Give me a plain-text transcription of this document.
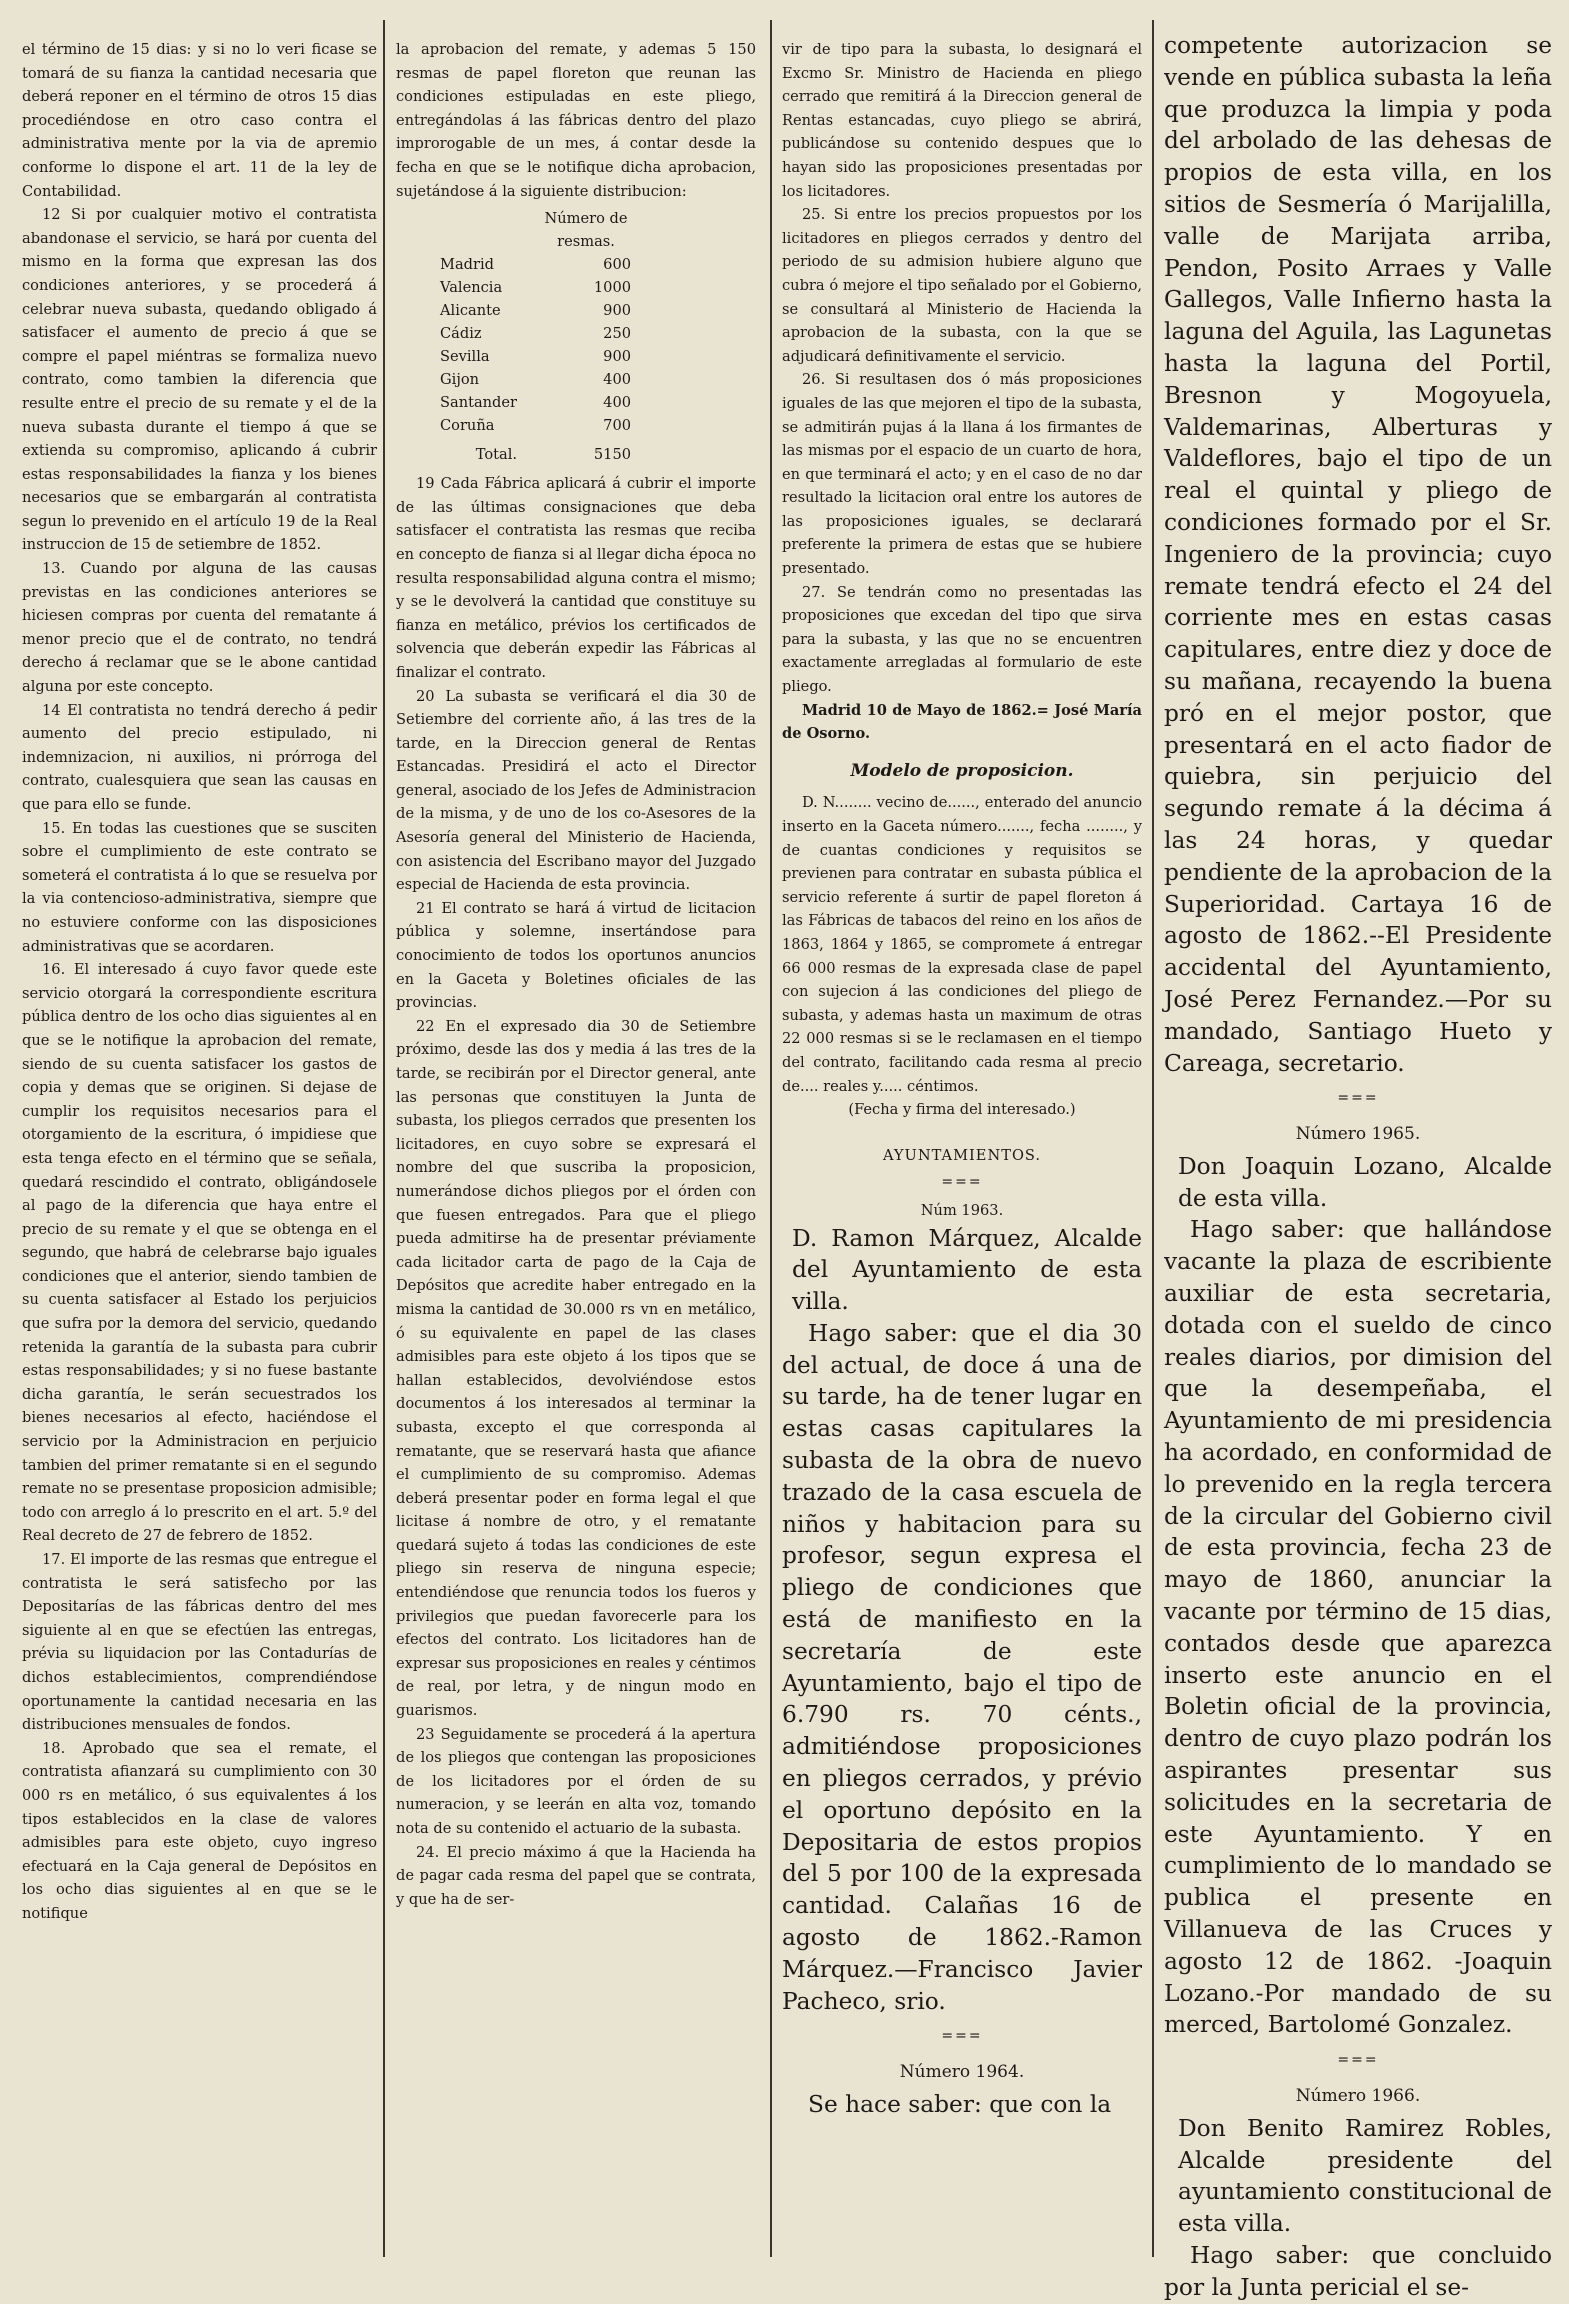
el término de 15 dias: y si no lo veri ficase se tomará de su fianza la cantidad necesaria que deberá reponer en el término de otros 15 dias procediéndose en otro caso contra el administrativa mente por la via de apremio conforme lo dispone el art. 11 de la ley de Contabilidad.

12 Si por cualquier motivo el contratista abandonase el servicio, se hará por cuenta del mismo en la forma que expresan las dos condiciones anteriores, y se procederá á celebrar nueva subasta, quedando obligado á satisfacer el aumento de precio á que se compre el papel miéntras se formaliza nuevo contrato, como tambien la diferencia que resulte entre el precio de su remate y el de la nueva subasta durante el tiempo á que se extienda su compromiso, aplicando á cubrir estas responsabilidades la fianza y los bienes necesarios que se embargarán al contratista segun lo prevenido en el artículo 19 de la Real instruccion de 15 de setiembre de 1852.

13. Cuando por alguna de las causas previstas en las condiciones anteriores se hiciesen compras por cuenta del rematante á menor precio que el de contrato, no tendrá derecho á reclamar que se le abone cantidad alguna por este concepto.

14 El contratista no tendrá derecho á pedir aumento del precio estipulado, ni indemnizacion, ni auxilios, ni prórroga del contrato, cualesquiera que sean las causas en que para ello se funde.

15. En todas las cuestiones que se susciten sobre el cumplimiento de este contrato se someterá el contratista á lo que se resuelva por la via contencioso-administrativa, siempre que no estuviere conforme con las disposiciones administrativas que se acordaren.

16. El interesado á cuyo favor quede este servicio otorgará la correspondiente escritura pública dentro de los ocho dias siguientes al en que se le notifique la aprobacion del remate, siendo de su cuenta satisfacer los gastos de copia y demas que se originen. Si dejase de cumplir los requisitos necesarios para el otorgamiento de la escritura, ó impidiese que esta tenga efecto en el término que se señala, quedará rescindido el contrato, obligándosele al pago de la diferencia que haya entre el precio de su remate y el que se obtenga en el segundo, que habrá de celebrarse bajo iguales condiciones que el anterior, siendo tambien de su cuenta satisfacer al Estado los perjuicios que sufra por la demora del servicio, quedando retenida la garantía de la subasta para cubrir estas responsabilidades; y si no fuese bastante dicha garantía, le serán secuestrados los bienes necesarios al efecto, haciéndose el servicio por la Administracion en perjuicio tambien del primer rematante si en el segundo remate no se presentase proposicion admisible; todo con arreglo á lo prescrito en el art. 5.º del Real decreto de 27 de febrero de 1852.

17. El importe de las resmas que entregue el contratista le será satisfecho por las Depositarías de las fábricas dentro del mes siguiente al en que se efectúen las entregas, prévia su liquidacion por las Contadurías de dichos establecimientos, comprendiéndose oportunamente la cantidad necesaria en las distribuciones mensuales de fondos.

18. Aprobado que sea el remate, el contratista afianzará su cumplimiento con 30 000 rs en metálico, ó sus equivalentes á los tipos establecidos en la clase de valores admisibles para este objeto, cuyo ingreso efectuará en la Caja general de Depósitos en los ocho dias siguientes al en que se le notifique

la aprobacion del remate, y ademas 5 150 resmas de papel floreton que reunan las condiciones estipuladas en este pliego, entregándolas á las fábricas dentro del plazo improrogable de un mes, á contar desde la fecha en que se le notifique dicha aprobacion, sujetándose á la siguiente distribucion:

	Número de resmas.
Madrid	600
Valencia	1000
Alicante	900
Cádiz	250
Sevilla	900
Gijon	400
Santander	400
Coruña	700
Total.	5150

19 Cada Fábrica aplicará á cubrir el importe de las últimas consignaciones que deba satisfacer el contratista las resmas que reciba en concepto de fianza si al llegar dicha época no resulta responsabilidad alguna contra el mismo; y se le devolverá la cantidad que constituye su fianza en metálico, prévios los certificados de solvencia que deberán expedir las Fábricas al finalizar el contrato.

20 La subasta se verificará el dia 30 de Setiembre del corriente año, á las tres de la tarde, en la Direccion general de Rentas Estancadas. Presidirá el acto el Director general, asociado de los Jefes de Administracion de la misma, y de uno de los co-Asesores de la Asesoría general del Ministerio de Hacienda, con asistencia del Escribano mayor del Juzgado especial de Hacienda de esta provincia.

21 El contrato se hará á virtud de licitacion pública y solemne, insertándose para conocimiento de todos los oportunos anuncios en la Gaceta y Boletines oficiales de las provincias.

22 En el expresado dia 30 de Setiembre próximo, desde las dos y media á las tres de la tarde, se recibirán por el Director general, ante las personas que constituyen la Junta de subasta, los pliegos cerrados que presenten los licitadores, en cuyo sobre se expresará el nombre del que suscriba la proposicion, numerándose dichos pliegos por el órden con que fuesen entregados. Para que el pliego pueda admitirse ha de presentar préviamente cada licitador carta de pago de la Caja de Depósitos que acredite haber entregado en la misma la cantidad de 30.000 rs vn en metálico, ó su equivalente en papel de las clases admisibles para este objeto á los tipos que se hallan establecidos, devolviéndose estos documentos á los interesados al terminar la subasta, excepto el que corresponda al rematante, que se reservará hasta que afiance el cumplimiento de su compromiso. Ademas deberá presentar poder en forma legal el que licitase á nombre de otro, y el rematante quedará sujeto á todas las condiciones de este pliego sin reserva de ninguna especie; entendiéndose que renuncia todos los fueros y privilegios que puedan favorecerle para los efectos del contrato. Los licitadores han de expresar sus proposiciones en reales y céntimos de real, por letra, y de ningun modo en guarismos.

23 Seguidamente se procederá á la apertura de los pliegos que contengan las proposiciones de los licitadores por el órden de su numeracion, y se leerán en alta voz, tomando nota de su contenido el actuario de la subasta.

24. El precio máximo á que la Hacienda ha de pagar cada resma del papel que se contrata, y que ha de ser-

vir de tipo para la subasta, lo designará el Excmo Sr. Ministro de Hacienda en pliego cerrado que remitirá á la Direccion general de Rentas estancadas, cuyo pliego se abrirá, publicándose su contenido despues que lo hayan sido las proposiciones presentadas por los licitadores.

25. Si entre los precios propuestos por los licitadores en pliegos cerrados y dentro del periodo de su admision hubiere alguno que cubra ó mejore el tipo señalado por el Gobierno, se consultará al Ministerio de Hacienda la aprobacion de la subasta, con la que se adjudicará definitivamente el servicio.

26. Si resultasen dos ó más proposiciones iguales de las que mejoren el tipo de la subasta, se admitirán pujas á la llana á los firmantes de las mismas por el espacio de un cuarto de hora, en que terminará el acto; y en el caso de no dar resultado la licitacion oral entre los autores de las proposiciones iguales, se declarará preferente la primera de estas que se hubiere presentado.

27. Se tendrán como no presentadas las proposiciones que excedan del tipo que sirva para la subasta, y las que no se encuentren exactamente arregladas al formulario de este pliego.

Madrid 10 de Mayo de 1862.= José María de Osorno.

Modelo de proposicion.

D. N........ vecino de......, enterado del anuncio inserto en la Gaceta número......., fecha ........, y de cuantas condiciones y requisitos se previenen para contratar en subasta pública el servicio referente á surtir de papel floreton á las Fábricas de tabacos del reino en los años de 1863, 1864 y 1865, se compromete á entregar 66 000 resmas de la expresada clase de papel con sujecion á las condiciones del pliego de subasta, y ademas hasta un maximum de otras 22 000 resmas si se le reclamasen en el tiempo del contrato, facilitando cada resma al precio de.... reales y..... céntimos.

(Fecha y firma del interesado.)

AYUNTAMIENTOS.
===
Núm 1963.

D. Ramon Márquez, Alcalde del Ayuntamiento de esta villa.

Hago saber: que el dia 30 del actual, de doce á una de su tarde, ha de tener lugar en estas casas capitulares la subasta de la obra de nuevo trazado de la casa escuela de niños y habitacion para su profesor, segun expresa el pliego de condiciones que está de manifiesto en la secretaría de este Ayuntamiento, bajo el tipo de 6.790 rs. 70 cénts., admitiéndose proposiciones en pliegos cerrados, y prévio el oportuno depósito en la Depositaria de estos propios del 5 por 100 de la expresada cantidad. Calañas 16 de agosto de 1862.-Ramon Márquez.—Francisco Javier Pacheco, srio.

===

Número 1964.

Se hace saber: que con la

competente autorizacion se vende en pública subasta la leña que produzca la limpia y poda del arbolado de las dehesas de propios de esta villa, en los sitios de Sesmería ó Marijalilla, valle de Marijata arriba, Pendon, Posito Arraes y Valle Gallegos, Valle Infierno hasta la laguna del Aguila, las Lagunetas hasta la laguna del Portil, Bresnon y Mogoyuela, Valdemarinas, Alberturas y Valdeflores, bajo el tipo de un real el quintal y pliego de condiciones formado por el Sr. Ingeniero de la provincia; cuyo remate tendrá efecto el 24 del corriente mes en estas casas capitulares, entre diez y doce de su mañana, recayendo la buena pró en el mejor postor, que presentará en el acto fiador de quiebra, sin perjuicio del segundo remate á la décima á las 24 horas, y quedar pendiente de la aprobacion de la Superioridad. Cartaya 16 de agosto de 1862.--El Presidente accidental del Ayuntamiento, José Perez Fernandez.—Por su mandado, Santiago Hueto y Careaga, secretario.

===

Número 1965.

Don Joaquin Lozano, Alcalde de esta villa.

Hago saber: que hallándose vacante la plaza de escribiente auxiliar de esta secretaria, dotada con el sueldo de cinco reales diarios, por dimision del que la desempeñaba, el Ayuntamiento de mi presidencia ha acordado, en conformidad de lo prevenido en la regla tercera de la circular del Gobierno civil de esta provincia, fecha 23 de mayo de 1860, anunciar la vacante por término de 15 dias, contados desde que aparezca inserto este anuncio en el Boletin oficial de la provincia, dentro de cuyo plazo podrán los aspirantes presentar sus solicitudes en la secretaria de este Ayuntamiento. Y en cumplimiento de lo mandado se publica el presente en Villanueva de las Cruces y agosto 12 de 1862. -Joaquin Lozano.-Por mandado de su merced, Bartolomé Gonzalez.

===

Número 1966.

Don Benito Ramirez Robles, Alcalde presidente del ayuntamiento constitucional de esta villa.

Hago saber: que concluido por la Junta pericial el se-
